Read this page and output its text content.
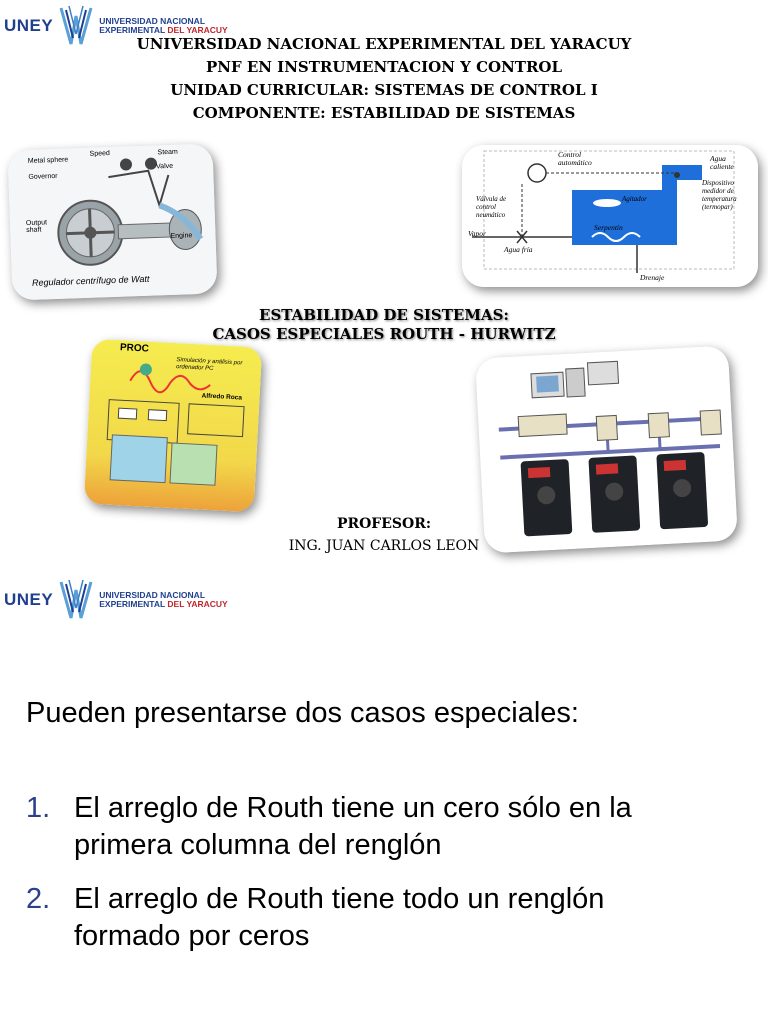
UNEY	UNIVERSIDAD NACIONAL
EXPERIMENTAL DEL YARACUY
UNIVERSIDAD NACIONAL EXPERIMENTAL DEL YARACUY
PNF EN INSTRUMENTACION Y CONTROL
UNIDAD CURRICULAR: SISTEMAS DE CONTROL I
COMPONENTE: ESTABILIDAD DE SISTEMAS
Metal sphere
Speed	Steam
Valve
Governor
Output shaft
Engine
Regulador centrífugo de Watt
Control automático	Agua caliente
Dispositivo medidor de temperatura (termopar)
Válvula de control neumático
Agitador
Vapor
Agua fría
Serpentín
Drenaje
ESTABILIDAD DE SISTEMAS:
CASOS ESPECIALES ROUTH - HURWITZ
PROC
Simulación y análisis por ordenador PC
Alfredo Roca
PROFESOR:
ING. JUAN CARLOS LEON
UNEY	UNIVERSIDAD NACIONAL
EXPERIMENTAL DEL YARACUY
Pueden presentarse dos casos especiales:
1. El arreglo de Routh tiene un cero sólo en la
primera columna del renglón
2. El arreglo de Routh tiene todo un renglón
formado por ceros
